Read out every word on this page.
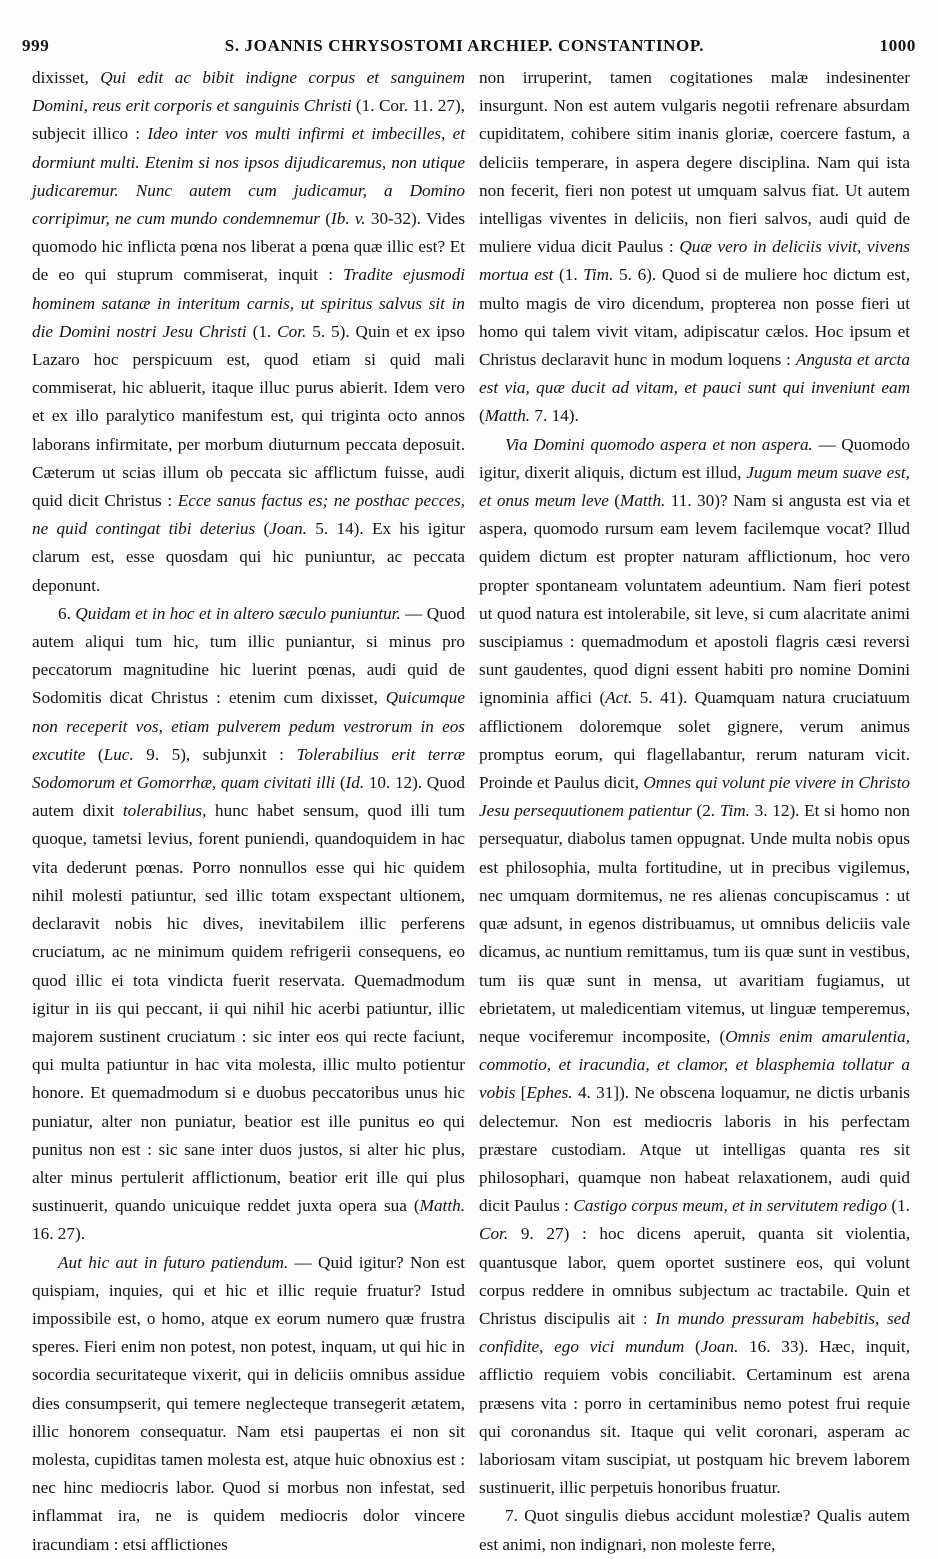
999	S. JOANNIS CHRYSOSTOMI ARCHIEP. CONSTANTINOP.	1000

dixisset, Qui edit ac bibit indigne corpus et sanguinem Domini, reus erit corporis et sanguinis Christi (1. Cor. 11. 27), subjecit illico : Ideo inter vos multi infirmi et imbecilles, et dormiunt multi. Etenim si nos ipsos dijudicaremus, non utique judicaremur. Nunc autem cum judicamur, a Domino corripimur, ne cum mundo condemnemur (Ib. v. 30-32). Vides quomodo hic inflicta pœna nos liberat a pœna quæ illic est? Et de eo qui stuprum commiserat, inquit : Tradite ejusmodi hominem satanæ in interitum carnis, ut spiritus salvus sit in die Domini nostri Jesu Christi (1. Cor. 5. 5). Quin et ex ipso Lazaro hoc perspicuum est, quod etiam si quid mali commiserat, hic abluerit, itaque illuc purus abierit. Idem vero et ex illo paralytico manifestum est, qui triginta octo annos laborans infirmitate, per morbum diuturnum peccata deposuit. Cæterum ut scias illum ob peccata sic afflictum fuisse, audi quid dicit Christus : Ecce sanus factus es; ne posthac pecces, ne quid contingat tibi deterius (Joan. 5. 14). Ex his igitur clarum est, esse quosdam qui hic puniuntur, ac peccata deponunt.

6. Quidam et in hoc et in altero sæculo puniuntur. — Quod autem aliqui tum hic, tum illic puniantur, si minus pro peccatorum magnitudine hic luerint pœnas, audi quid de Sodomitis dicat Christus : etenim cum dixisset, Quicumque non receperit vos, etiam pulverem pedum vestrorum in eos excutite (Luc. 9. 5), subjunxit : Tolerabilius erit terræ Sodomorum et Gomorrhæ, quam civitati illi (Id. 10. 12). Quod autem dixit tolerabilius, hunc habet sensum, quod illi tum quoque, tametsi levius, forent puniendi, quandoquidem in hac vita dederunt pœnas. Porro nonnullos esse qui hic quidem nihil molesti patiuntur, sed illic totam exspectant ultionem, declaravit nobis hic dives, inevitabilem illic perferens cruciatum, ac ne minimum quidem refrigerii consequens, eo quod illic ei tota vindicta fuerit reservata. Quemadmodum igitur in iis qui peccant, ii qui nihil hic acerbi patiuntur, illic majorem sustinent cruciatum : sic inter eos qui recte faciunt, qui multa patiuntur in hac vita molesta, illic multo potientur honore. Et quemadmodum si e duobus peccatoribus unus hic puniatur, alter non puniatur, beatior est ille punitus eo qui punitus non est : sic sane inter duos justos, si alter hic plus, alter minus pertulerit afflictionum, beatior erit ille qui plus sustinuerit, quando unicuique reddet juxta opera sua (Matth. 16. 27).

Aut hic aut in futuro patiendum. — Quid igitur? Non est quispiam, inquies, qui et hic et illic requie fruatur? Istud impossibile est, o homo, atque ex eorum numero quæ frustra speres. Fieri enim non potest, non potest, inquam, ut qui hic in socordia securitateque vixerit, qui in deliciis omnibus assidue dies consumpserit, qui temere neglecteque transegerit ætatem, illic honorem consequatur. Nam etsi paupertas ei non sit molesta, cupiditas tamen molesta est, atque huic obnoxius est : nec hinc mediocris labor. Quod si morbus non infestat, sed inflammat ira, ne is quidem mediocris dolor vincere iracundiam : etsi afflictiones

non irruperint, tamen cogitationes malæ indesinenter insurgunt. Non est autem vulgaris negotii refrenare absurdam cupiditatem, cohibere sitim inanis gloriæ, coercere fastum, a deliciis temperare, in aspera degere disciplina. Nam qui ista non fecerit, fieri non potest ut umquam salvus fiat. Ut autem intelligas viventes in deliciis, non fieri salvos, audi quid de muliere vidua dicit Paulus : Quæ vero in deliciis vivit, vivens mortua est (1. Tim. 5. 6). Quod si de muliere hoc dictum est, multo magis de viro dicendum, propterea non posse fieri ut homo qui talem vivit vitam, adipiscatur cælos. Hoc ipsum et Christus declaravit hunc in modum loquens : Angusta et arcta est via, quæ ducit ad vitam, et pauci sunt qui inveniunt eam (Matth. 7. 14).

Via Domini quomodo aspera et non aspera. — Quomodo igitur, dixerit aliquis, dictum est illud, Jugum meum suave est, et onus meum leve (Matth. 11. 30)? Nam si angusta est via et aspera, quomodo rursum eam levem facilemque vocat? Illud quidem dictum est propter naturam afflictionum, hoc vero propter spontaneam voluntatem adeuntium. Nam fieri potest ut quod natura est intolerabile, sit leve, si cum alacritate animi suscipiamus : quemadmodum et apostoli flagris cæsi reversi sunt gaudentes, quod digni essent habiti pro nomine Domini ignominia affici (Act. 5. 41). Quamquam natura cruciatuum afflictionem doloremque solet gignere, verum animus promptus eorum, qui flagellabantur, rerum naturam vicit. Proinde et Paulus dicit, Omnes qui volunt pie vivere in Christo Jesu persequutionem patientur (2. Tim. 3. 12). Et si homo non persequatur, diabolus tamen oppugnat. Unde multa nobis opus est philosophia, multa fortitudine, ut in precibus vigilemus, nec umquam dormitemus, ne res alienas concupiscamus : ut quæ adsunt, in egenos distribuamus, ut omnibus deliciis vale dicamus, ac nuntium remittamus, tum iis quæ sunt in vestibus, tum iis quæ sunt in mensa, ut avaritiam fugiamus, ut ebrietatem, ut maledicentiam vitemus, ut linguæ temperemus, neque vociferemur incomposite, (Omnis enim amarulentia, commotio, et iracundia, et clamor, et blasphemia tollatur a vobis [Ephes. 4. 31]). Ne obscena loquamur, ne dictis urbanis delectemur. Non est mediocris laboris in his perfectam præstare custodiam. Atque ut intelligas quanta res sit philosophari, quamque non habeat relaxationem, audi quid dicit Paulus : Castigo corpus meum, et in servitutem redigo (1. Cor. 9. 27) : hoc dicens aperuit, quanta sit violentia, quantusque labor, quem oportet sustinere eos, qui volunt corpus reddere in omnibus subjectum ac tractabile. Quin et Christus discipulis ait : In mundo pressuram habebitis, sed confidite, ego vici mundum (Joan. 16. 33). Hæc, inquit, afflictio requiem vobis conciliabit. Certaminum est arena præsens vita : porro in certaminibus nemo potest frui requie qui coronandus sit. Itaque qui velit coronari, asperam ac laboriosam vitam suscipiat, ut postquam hic brevem laborem sustinuerit, illic perpetuis honoribus fruatur.

7. Quot singulis diebus accidunt molestiæ? Qualis autem est animi, non indignari, non moleste ferre,
